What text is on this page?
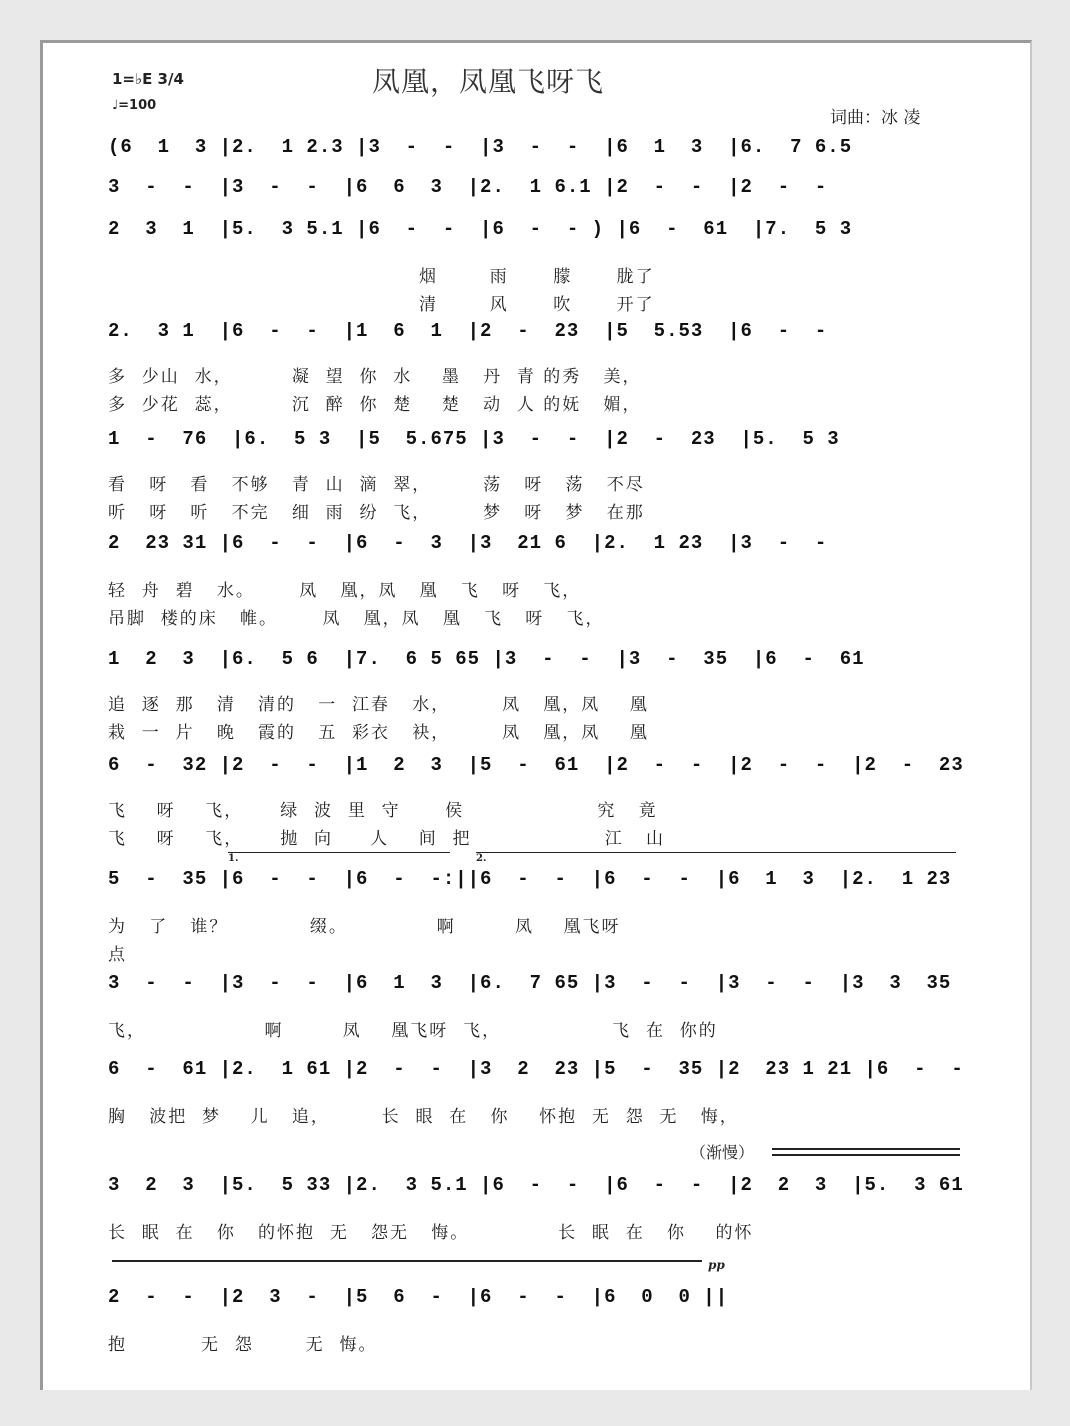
凤凰，凤凰飞呀飞
1=♭E 3/4
♩=100
词曲：冰 凌
(6  1  3 |2.  1 2.3 |3  -  -  |3  -  -  |6  1  3  |6.  7 6.5
3  -  -  |3  -  -  |6  6  3  |2.  1 6.1 |2  -  -  |2  -  -
2  3  1  |5.  3 5.1 |6  -  -  |6  -  - ) |6  -  61  |7.  5 3
烟       雨      朦      胧了
清       风      吹      开了
2.  3 1  |6  -  -  |1  6  1  |2  -  23  |5  5.53  |6  -  -
多  少山  水，        凝  望  你  水    墨   丹  青 的秀   美，
多  少花  蕊，        沉  醉  你  楚    楚   动  人 的妩   媚，
1  -  76  |6.  5 3  |5  5.675 |3  -  -  |2  -  23  |5.  5 3
看   呀   看   不够   青  山  滴  翠，       荡   呀   荡   不尽
听   呀   听   不完   细  雨  纷  飞，       梦   呀   梦   在那
2  23 31 |6  -  -  |6  -  3  |3  21 6  |2.  1 23  |3  -  -
轻  舟  碧   水。      凤   凰，凤   凰   飞   呀   飞，
吊脚  楼的床   帷。      凤   凰，凤   凰   飞   呀   飞，
1  2  3  |6.  5 6  |7.  6 5 65 |3  -  -  |3  -  35  |6  -  61
追  逐  那   清   清的   一  江春   水，       凤   凰，凤    凰
栽  一  片   晚   霞的   五  彩衣   袂，       凤   凰，凤    凰
6  -  32 |2  -  -  |1  2  3  |5  -  61  |2  -  -  |2  -  -  |2  -  23
飞    呀    飞，     绿  波  里  守      侯                  究   竟
飞    呀    飞，     抛  向     人    间  把                  江   山
5  -  35 |6  -  -  |6  -  -:||6  -  -  |6  -  -  |6  1  3  |2.  1 23
为   了   谁？           缀。            啊        凤    凰飞呀
点
3  -  -  |3  -  -  |6  1  3  |6.  7 65 |3  -  -  |3  -  -  |3  3  35
飞，                啊        凤    凰飞呀  飞，               飞  在  你的
6  -  61 |2.  1 61 |2  -  -  |3  2  23 |5  -  35 |2  23 1 21 |6  -  -
胸   波把  梦    儿   追，       长  眼  在   你    怀抱  无  怨  无   悔，
3  2  3  |5.  5 33 |2.  3 5.1 |6  -  -  |6  -  -  |2  2  3  |5.  3 61
长  眠  在   你   的怀抱  无   怨无   悔。            长  眠  在   你    的怀
2  -  -  |2  3  -  |5  6  -  |6  -  -  |6  0  0 ||
抱          无  怨       无  悔。
（渐慢）
pp
1.	2.
